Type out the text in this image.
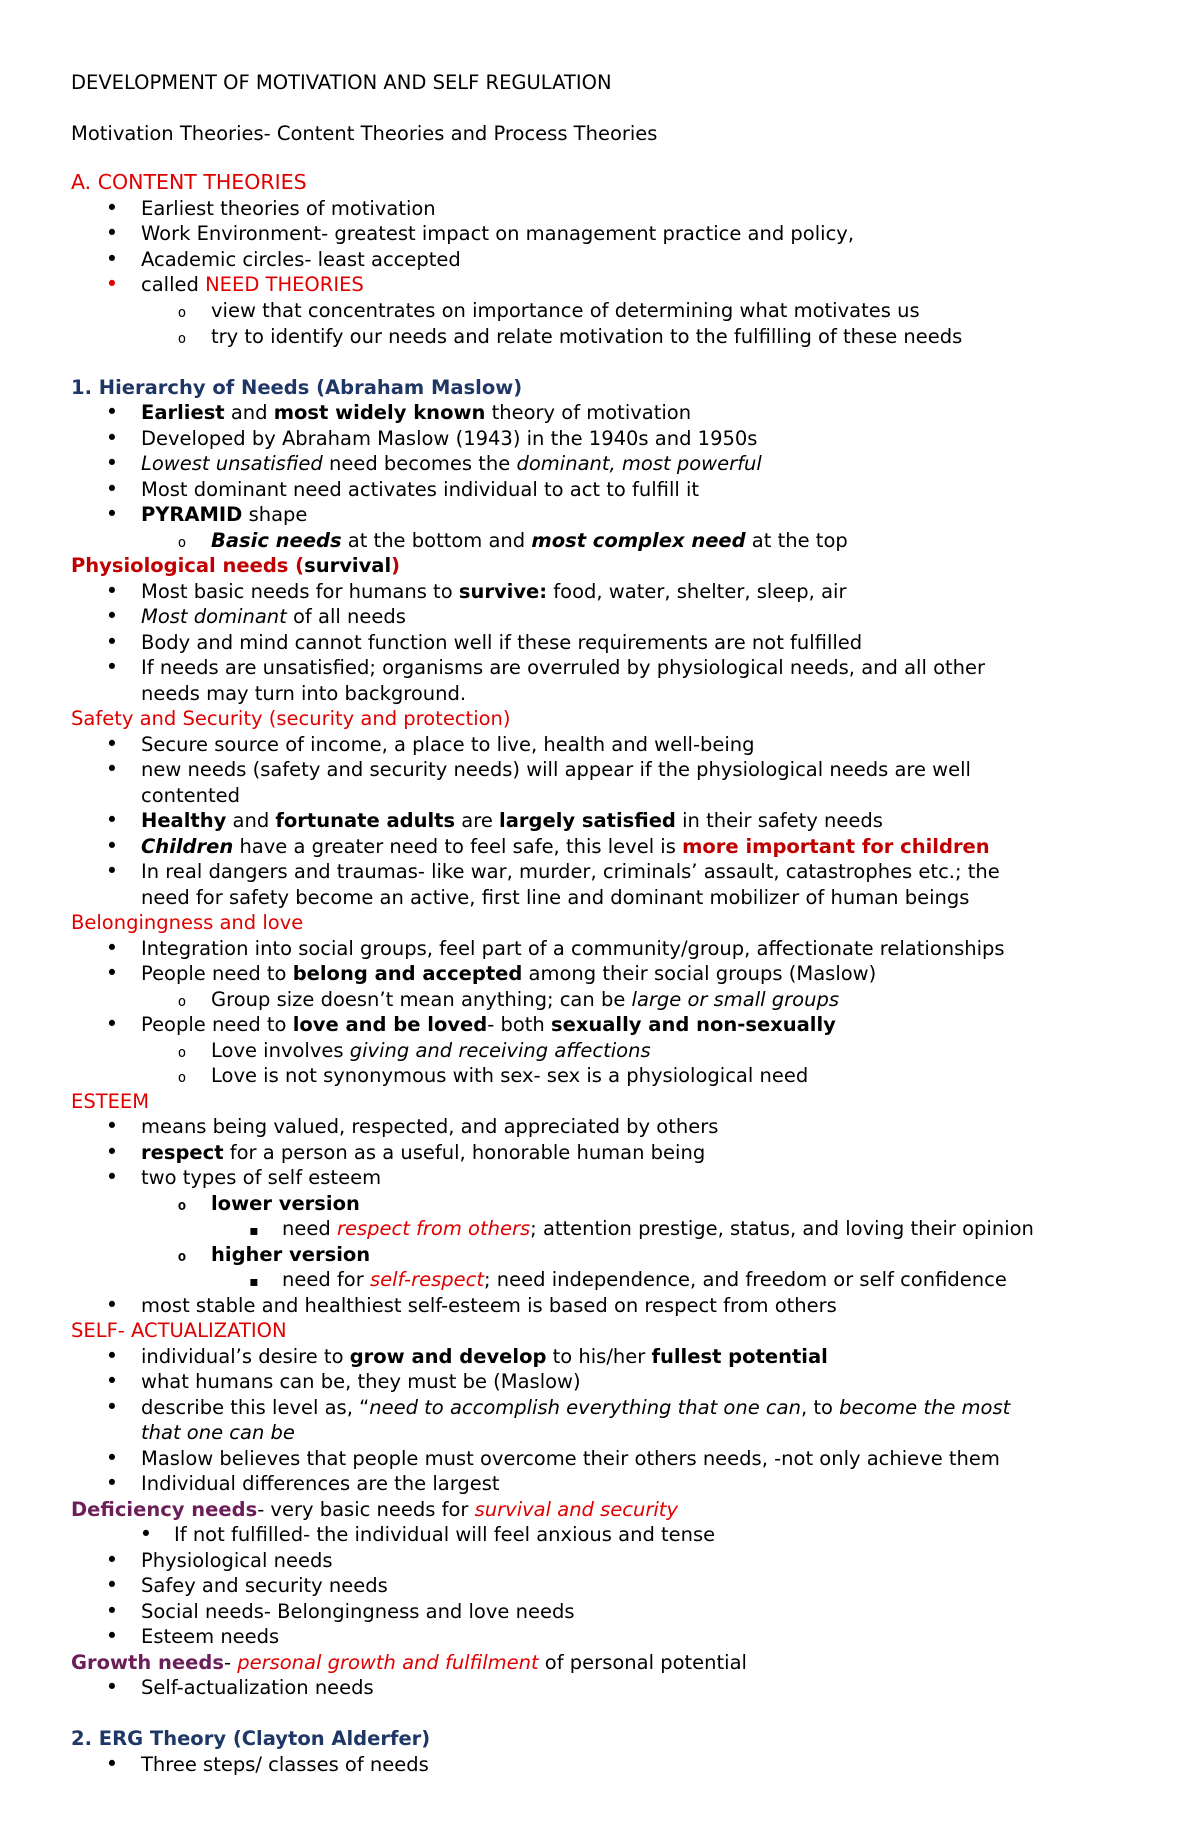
DEVELOPMENT OF MOTIVATION AND SELF REGULATION
Motivation Theories- Content Theories and Process Theories
A. CONTENT THEORIES
•
Earliest theories of motivation
•
Work Environment- greatest impact on management practice and policy,
•
Academic circles- least accepted
•
called NEED THEORIES
o
view that concentrates on importance of determining what motivates us
o
try to identify our needs and relate motivation to the fulfilling of these needs
1. Hierarchy of Needs (Abraham Maslow)
•
Earliest and most widely known theory of motivation
•
Developed by Abraham Maslow (1943) in the 1940s and 1950s
•
Lowest unsatisfied need becomes the dominant, most powerful
•
Most dominant need activates individual to act to fulfill it
•
PYRAMID shape
o
Basic needs at the bottom and most complex need at the top
Physiological needs (survival)
•
Most basic needs for humans to survive: food, water, shelter, sleep, air
•
Most dominant of all needs
•
Body and mind cannot function well if these requirements are not fulfilled
•
If needs are unsatisfied; organisms are overruled by physiological needs, and all other
needs may turn into background.
Safety and Security (security and protection)
•
Secure source of income, a place to live, health and well-being
•
new needs (safety and security needs) will appear if the physiological needs are well
contented
•
Healthy and fortunate adults are largely satisfied in their safety needs
•
Children have a greater need to feel safe, this level is more important for children
•
In real dangers and traumas- like war, murder, criminals’ assault, catastrophes etc.; the
need for safety become an active, first line and dominant mobilizer of human beings
Belongingness and love
•
Integration into social groups, feel part of a community/group, affectionate relationships
•
People need to belong and accepted among their social groups (Maslow)
o
Group size doesn’t mean anything; can be large or small groups
•
People need to love and be loved- both sexually and non-sexually
o
Love involves giving and receiving affections
o
Love is not synonymous with sex- sex is a physiological need
ESTEEM
•
means being valued, respected, and appreciated by others
•
respect for a person as a useful, honorable human being
•
two types of self esteem
o
lower version
▪
need respect from others; attention prestige, status, and loving their opinion
o
higher version
▪
need for self-respect; need independence, and freedom or self confidence
•
most stable and healthiest self-esteem is based on respect from others
SELF- ACTUALIZATION
•
individual’s desire to grow and develop to his/her fullest potential
•
what humans can be, they must be (Maslow)
•
describe this level as, “need to accomplish everything that one can, to become the most
that one can be
•
Maslow believes that people must overcome their others needs, -not only achieve them
•
Individual differences are the largest
Deficiency needs- very basic needs for survival and security
•
If not fulfilled- the individual will feel anxious and tense
•
Physiological needs
•
Safey and security needs
•
Social needs- Belongingness and love needs
•
Esteem needs
Growth needs- personal growth and fulfilment of personal potential
•
Self-actualization needs
2. ERG Theory (Clayton Alderfer)
•
Three steps/ classes of needs
